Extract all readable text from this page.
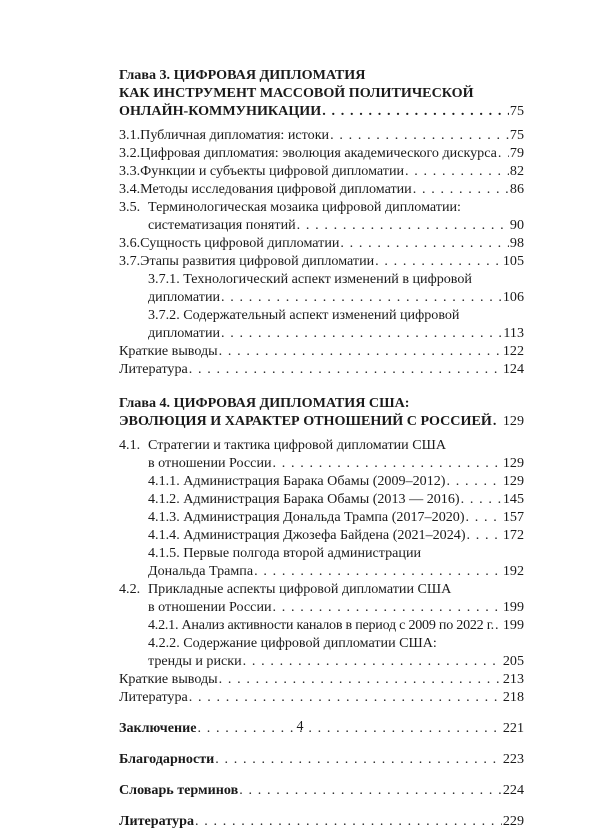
Глава 3. ЦИФРОВАЯ ДИПЛОМАТИЯ
КАК ИНСТРУМЕНТ МАССОВОЙ ПОЛИТИЧЕСКОЙ
ОНЛАЙН-КОММУНИКАЦИИ . . .	75
3.1. Публичная дипломатия: истоки . . .	75
3.2. Цифровая дипломатия: эволюция академического дискурса . . . 79
3.3. Функции и субъекты цифровой дипломатии . . .	82
3.4. Методы исследования цифровой дипломатии . . .	86
3.5. Терминологическая мозаика цифровой дипломатии:
систематизация понятий . . .	90
3.6. Сущность цифровой дипломатии . . .	98
3.7. Этапы развития цифровой дипломатии . . .	105
3.7.1. Технологический аспект изменений в цифровой
дипломатии . . .	106
3.7.2. Содержательный аспект изменений цифровой
дипломатии . . .	113
Краткие выводы . . .	122
Литература . . .	124
Глава 4. ЦИФРОВАЯ ДИПЛОМАТИЯ США:
ЭВОЛЮЦИЯ И ХАРАКТЕР ОТНОШЕНИЙ С РОССИЕЙ . . . 129
4.1. Стратегии и тактика цифровой дипломатии США
в отношении России . . .	129
4.1.1. Администрация Барака Обамы (2009–2012) . . .	129
4.1.2. Администрация Барака Обамы (2013 — 2016) . . .	145
4.1.3. Администрация Дональда Трампа (2017–2020) . . .	157
4.1.4. Администрация Джозефа Байдена (2021–2024) . . .	172
4.1.5. Первые полгода второй администрации
Дональда Трампа . . .	192
4.2. Прикладные аспекты цифровой дипломатии США
в отношении России . . .	199
4.2.1. Анализ активности каналов в период с 2009 по 2022 г. . . . 199
4.2.2. Содержание цифровой дипломатии США:
тренды и риски . . .	205
Краткие выводы . . .	213
Литература . . .	218
Заключение . . .	221
Благодарности . . .	223
Словарь терминов . . .	224
Литература . . .	229
4
